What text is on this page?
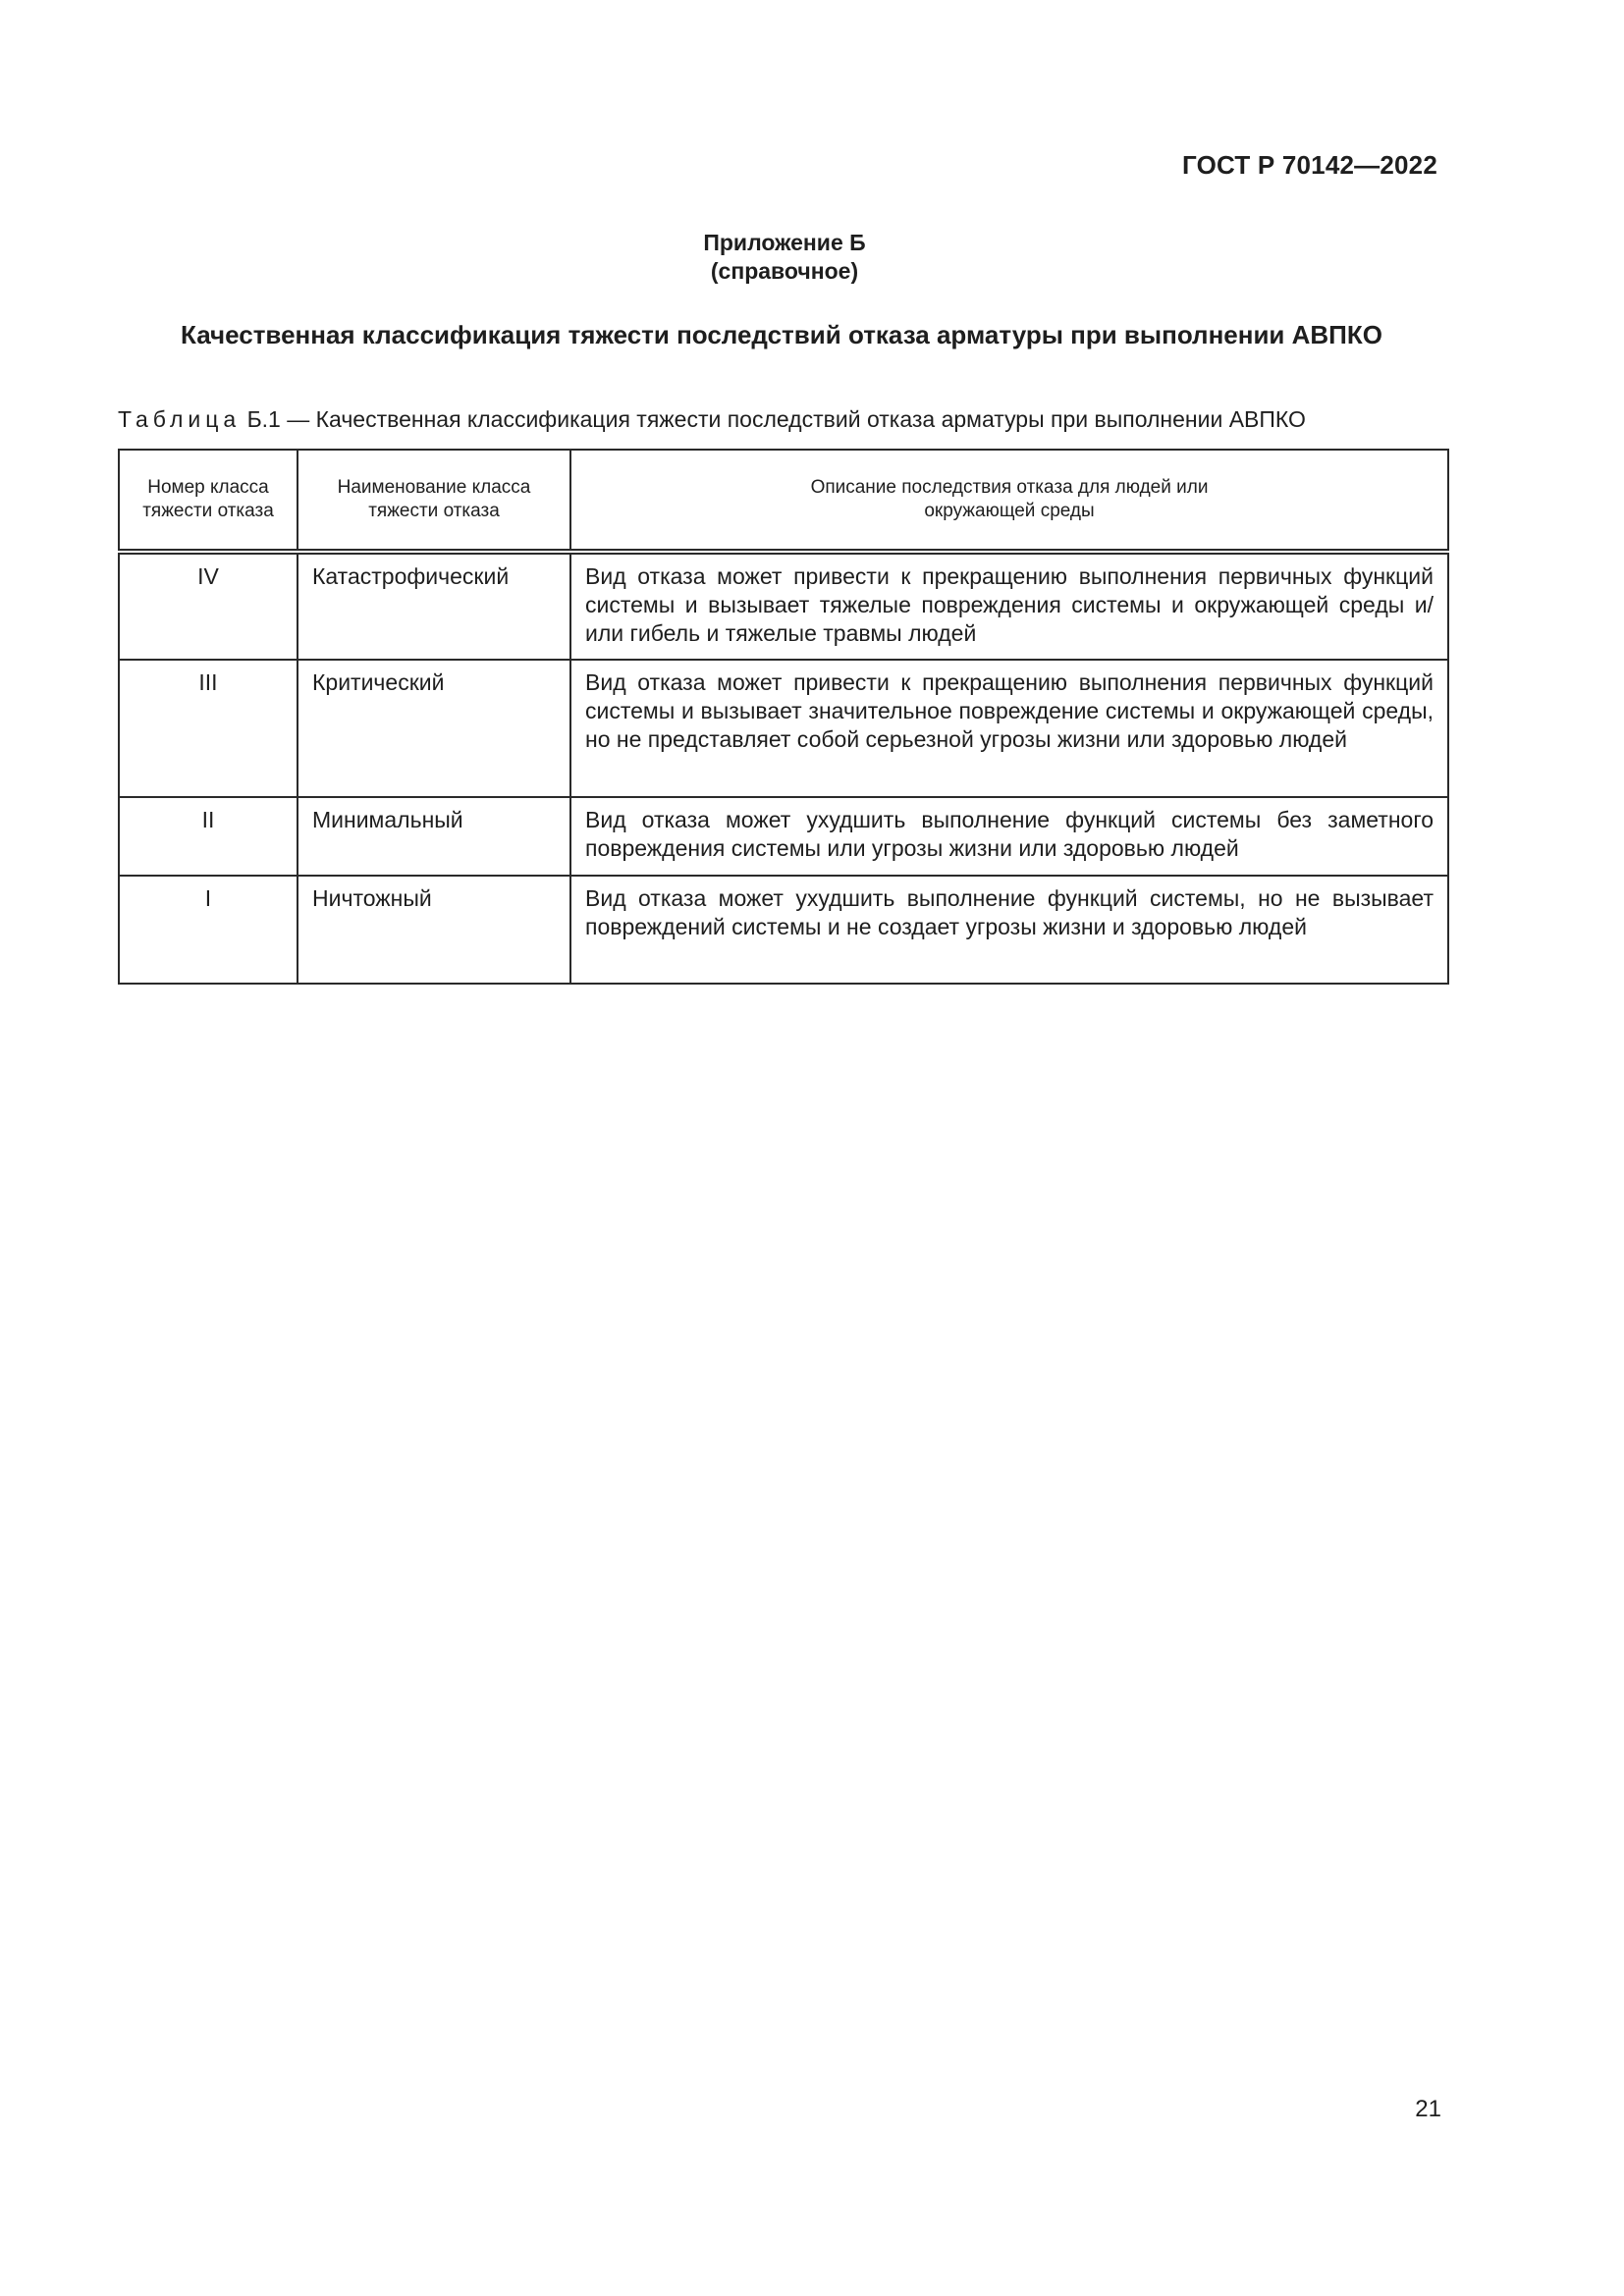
ГОСТ Р 70142—2022
Приложение Б
(справочное)
Качественная классификация тяжести последствий отказа арматуры при выполнении АВПКО
Таблица Б.1 — Качественная классификация тяжести последствий отказа арматуры при выполнении АВПКО
Номер класса тяжести отказа	Наименование класса тяжести отказа	Описание последствия отказа для людей или окружающей среды
IV	Катастрофический	Вид отказа может привести к прекращению выполнения первичных функций системы и вызывает тяжелые повреждения системы и окружающей среды и/или гибель и тяжелые травмы людей
III	Критический	Вид отказа может привести к прекращению выполнения первичных функций системы и вызывает значительное повреждение системы и окружающей среды, но не представляет собой серьезной угрозы жизни или здоровью людей
II	Минимальный	Вид отказа может ухудшить выполнение функций системы без заметного повреждения системы или угрозы жизни или здоровью людей
I	Ничтожный	Вид отказа может ухудшить выполнение функций системы, но не вызывает повреждений системы и не создает угрозы жизни и здоровью людей
21
